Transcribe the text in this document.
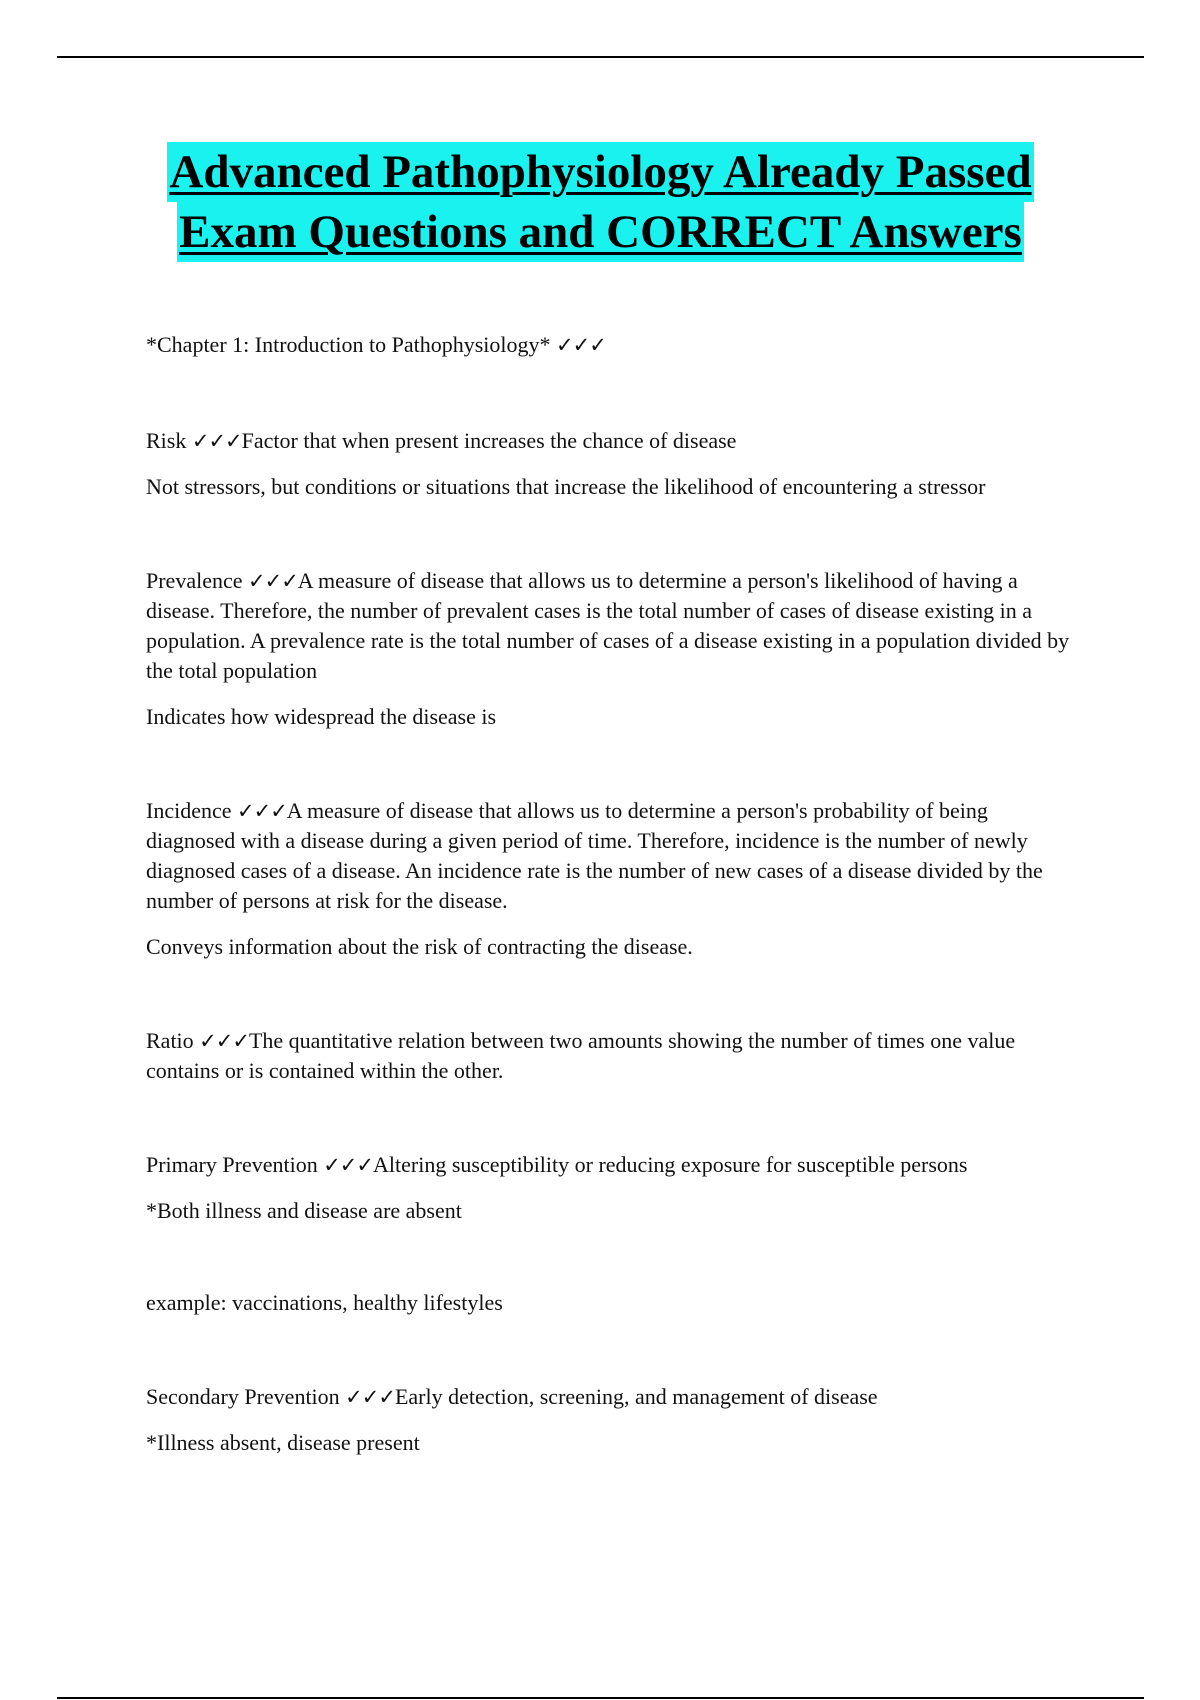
Advanced Pathophysiology Already Passed
Exam Questions and CORRECT Answers

*Chapter 1: Introduction to Pathophysiology* ✓✓✓

Risk ✓✓✓Factor that when present increases the chance of disease

Not stressors, but conditions or situations that increase the likelihood of encountering a stressor

Prevalence ✓✓✓A measure of disease that allows us to determine a person's likelihood of having a disease. Therefore, the number of prevalent cases is the total number of cases of disease existing in a population. A prevalence rate is the total number of cases of a disease existing in a population divided by the total population

Indicates how widespread the disease is

Incidence ✓✓✓A measure of disease that allows us to determine a person's probability of being diagnosed with a disease during a given period of time. Therefore, incidence is the number of newly diagnosed cases of a disease. An incidence rate is the number of new cases of a disease divided by the number of persons at risk for the disease.

Conveys information about the risk of contracting the disease.

Ratio ✓✓✓The quantitative relation between two amounts showing the number of times one value contains or is contained within the other.

Primary Prevention ✓✓✓Altering susceptibility or reducing exposure for susceptible persons

*Both illness and disease are absent

example: vaccinations, healthy lifestyles

Secondary Prevention ✓✓✓Early detection, screening, and management of disease

*Illness absent, disease present
